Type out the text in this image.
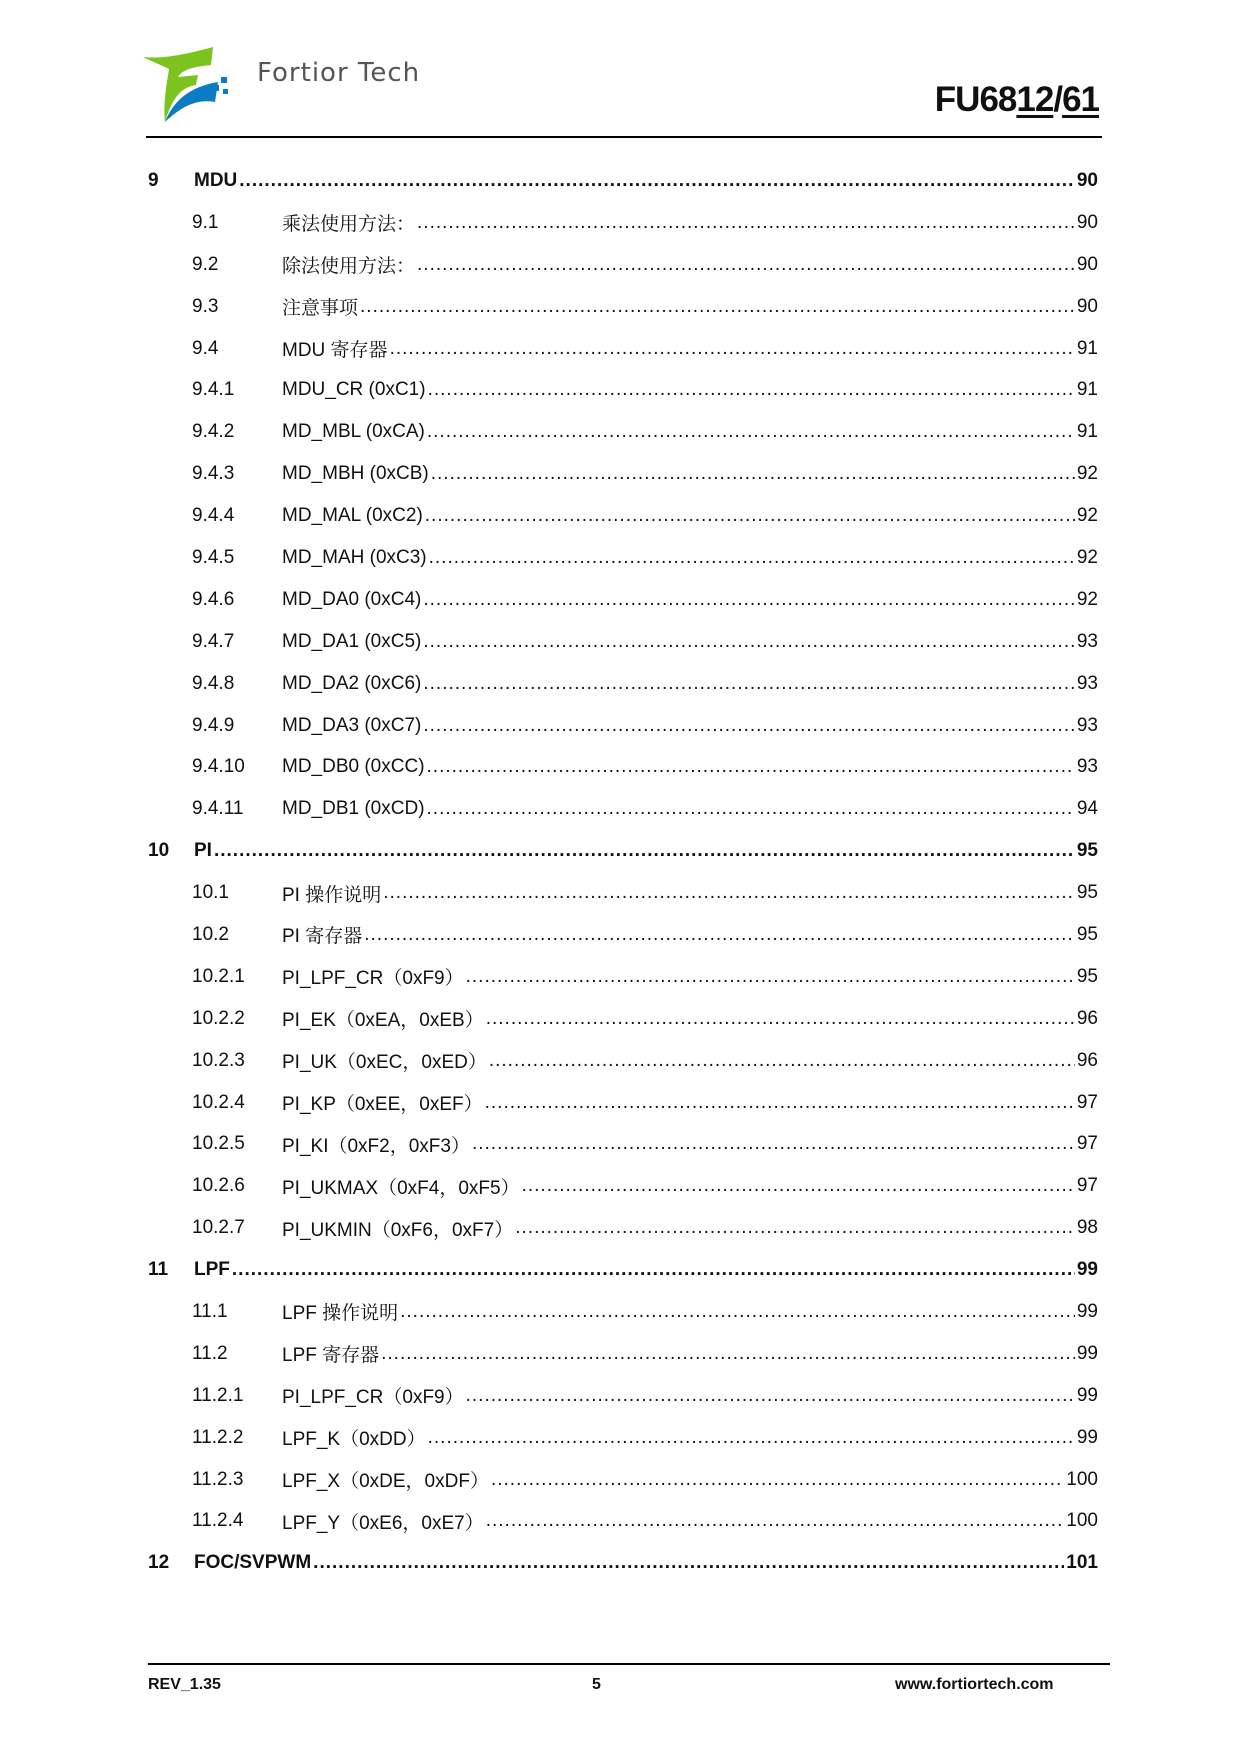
Fortior Tech
FU6812/61
9	MDU .....	90
9.1	乘法使用方法： .....	90
9.2	除法使用方法： .....	90
9.3	注意事项 .....	90
9.4	MDU 寄存器 .....	91
9.4.1	MDU_CR (0xC1) .....	91
9.4.2	MD_MBL (0xCA) .....	91
9.4.3	MD_MBH (0xCB) .....	92
9.4.4	MD_MAL (0xC2) .....	92
9.4.5	MD_MAH (0xC3) .....	92
9.4.6	MD_DA0 (0xC4) .....	92
9.4.7	MD_DA1 (0xC5) .....	93
9.4.8	MD_DA2 (0xC6) .....	93
9.4.9	MD_DA3 (0xC7) .....	93
9.4.10	MD_DB0 (0xCC) .....	93
9.4.11	MD_DB1 (0xCD) .....	94
10	PI .....	95
10.1	PI 操作说明 .....	95
10.2	PI 寄存器 .....	95
10.2.1	PI_LPF_CR（0xF9） .....	95
10.2.2	PI_EK（0xEA，0xEB） .....	96
10.2.3	PI_UK（0xEC，0xED） .....	96
10.2.4	PI_KP（0xEE，0xEF） .....	97
10.2.5	PI_KI（0xF2，0xF3） .....	97
10.2.6	PI_UKMAX（0xF4，0xF5） .....	97
10.2.7	PI_UKMIN（0xF6，0xF7） .....	98
11	LPF .....	99
11.1	LPF 操作说明 .....	99
11.2	LPF 寄存器 .....	99
11.2.1	PI_LPF_CR（0xF9） .....	99
11.2.2	LPF_K（0xDD） .....	99
11.2.3	LPF_X（0xDE，0xDF） .....	100
11.2.4	LPF_Y（0xE6，0xE7） .....	100
12	FOC/SVPWM .....	101
REV_1.35	5	www.fortiortech.com
